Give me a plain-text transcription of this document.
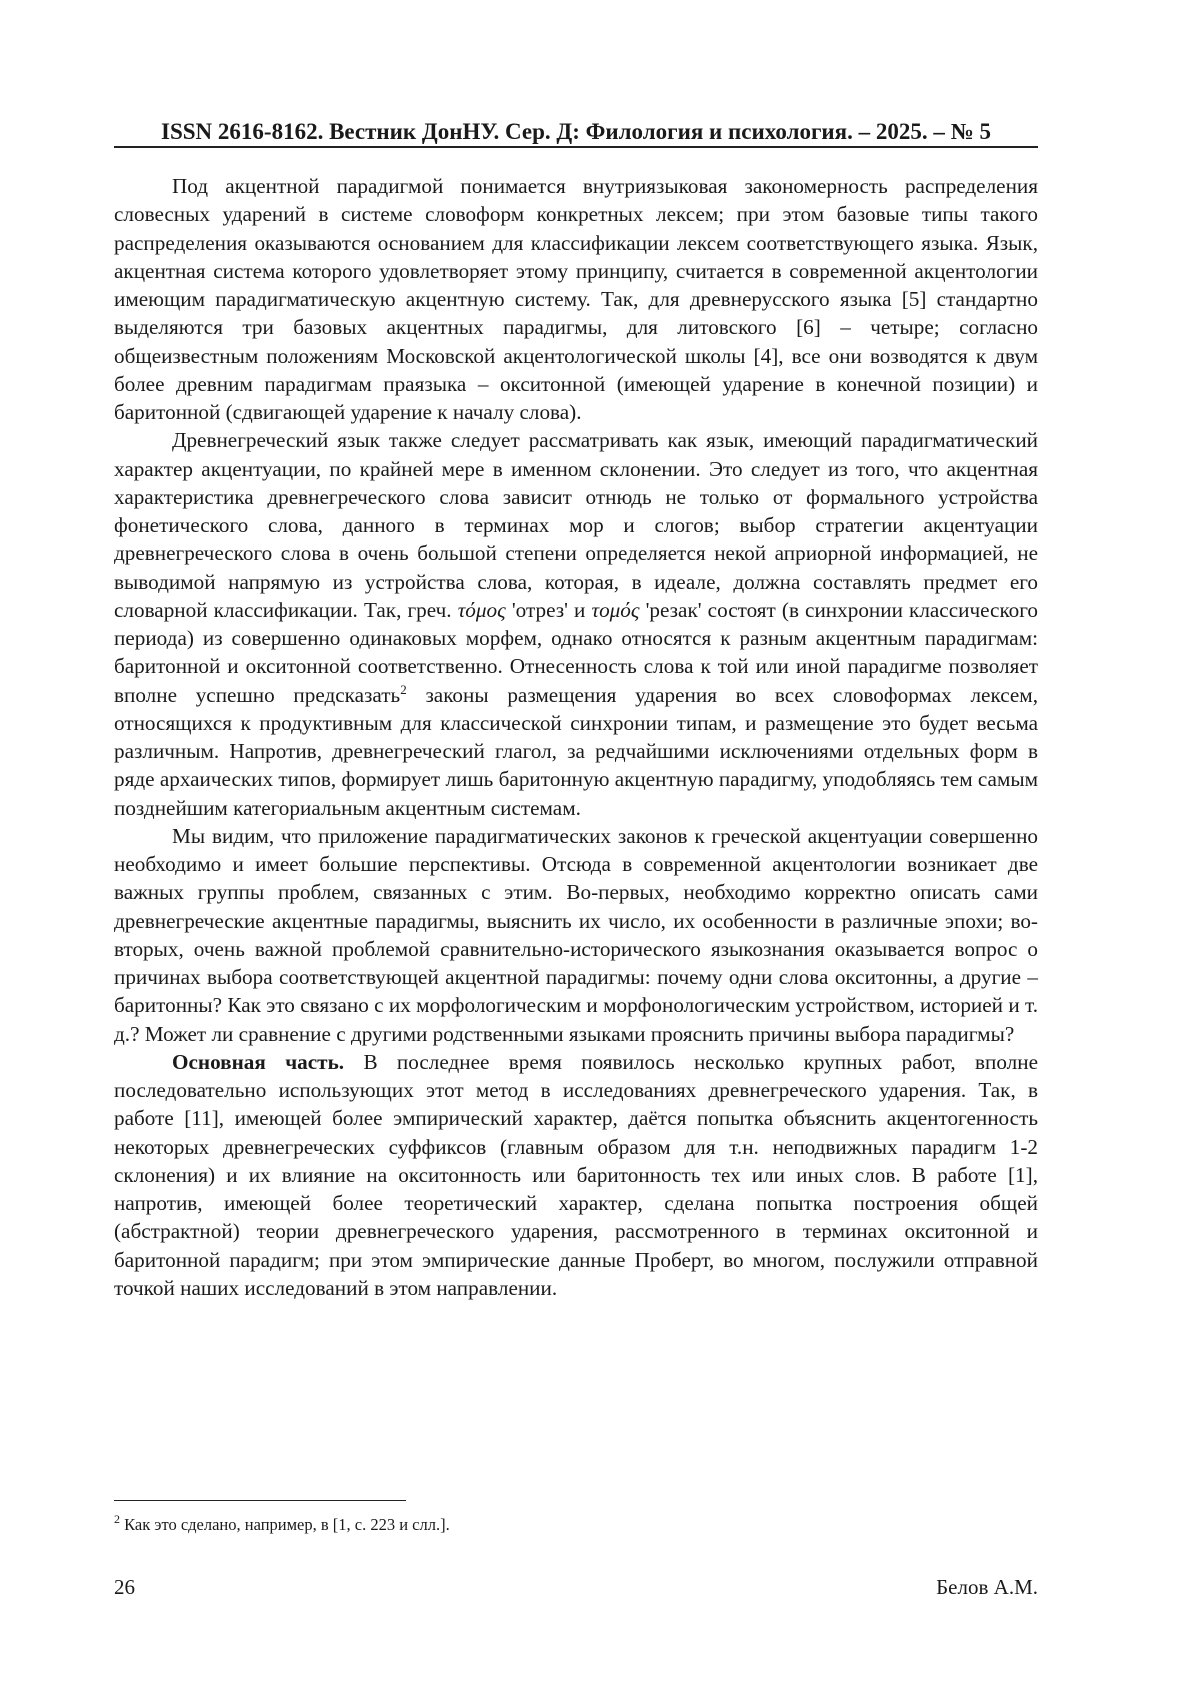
ISSN 2616-8162. Вестник ДонНУ. Сер. Д: Филология и психология. – 2025. – № 5

Под акцентной парадигмой понимается внутриязыковая закономерность распределения словесных ударений в системе словоформ конкретных лексем; при этом базовые типы такого распределения оказываются основанием для классификации лексем соответствующего языка. Язык, акцентная система которого удовлетворяет этому принципу, считается в современной акцентологии имеющим парадигматическую акцентную систему. Так, для древнерусского языка [5] стандартно выделяются три базовых акцентных парадигмы, для литовского [6] – четыре; согласно общеизвестным положениям Московской акцентологической школы [4], все они возводятся к двум более древним парадигмам праязыка – окситонной (имеющей ударение в конечной позиции) и баритонной (сдвигающей ударение к началу слова).

Древнегреческий язык также следует рассматривать как язык, имеющий парадигматический характер акцентуации, по крайней мере в именном склонении. Это следует из того, что акцентная характеристика древнегреческого слова зависит отнюдь не только от формального устройства фонетического слова, данного в терминах мор и слогов; выбор стратегии акцентуации древнегреческого слова в очень большой степени определяется некой априорной информацией, не выводимой напрямую из устройства слова, которая, в идеале, должна составлять предмет его словарной классификации. Так, греч. τόμος 'отрез' и τομός 'резак' состоят (в синхронии классического периода) из совершенно одинаковых морфем, однако относятся к разным акцентным парадигмам: баритонной и окситонной соответственно. Отнесенность слова к той или иной парадигме позволяет вполне успешно предсказать$^2$ законы размещения ударения во всех словоформах лексем, относящихся к продуктивным для классической синхронии типам, и размещение это будет весьма различным. Напротив, древнегреческий глагол, за редчайшими исключениями отдельных форм в ряде архаических типов, формирует лишь баритонную акцентную парадигму, уподобляясь тем самым позднейшим категориальным акцентным системам.

Мы видим, что приложение парадигматических законов к греческой акцентуации совершенно необходимо и имеет большие перспективы. Отсюда в современной акцентологии возникает две важных группы проблем, связанных с этим. Во-первых, необходимо корректно описать сами древнегреческие акцентные парадигмы, выяснить их число, их особенности в различные эпохи; во-вторых, очень важной проблемой сравнительно-исторического языкознания оказывается вопрос о причинах выбора соответствующей акцентной парадигмы: почему одни слова окситонны, а другие – баритонны? Как это связано с их морфологическим и морфонологическим устройством, историей и т. д.? Может ли сравнение с другими родственными языками прояснить причины выбора парадигмы?

Основная часть. В последнее время появилось несколько крупных работ, вполне последовательно использующих этот метод в исследованиях древнегреческого ударения. Так, в работе [11], имеющей более эмпирический характер, даётся попытка объяснить акцентогенность некоторых древнегреческих суффиксов (главным образом для т.н. неподвижных парадигм 1-2 склонения) и их влияние на окситонность или баритонность тех или иных слов. В работе [1], напротив, имеющей более теоретический характер, сделана попытка построения общей (абстрактной) теории древнегреческого ударения, рассмотренного в терминах окситонной и баритонной парадигм; при этом эмпирические данные Проберт, во многом, послужили отправной точкой наших исследований в этом направлении.

$^2$ Как это сделано, например, в [1, с. 223 и слл.].
26	Белов А.М.
